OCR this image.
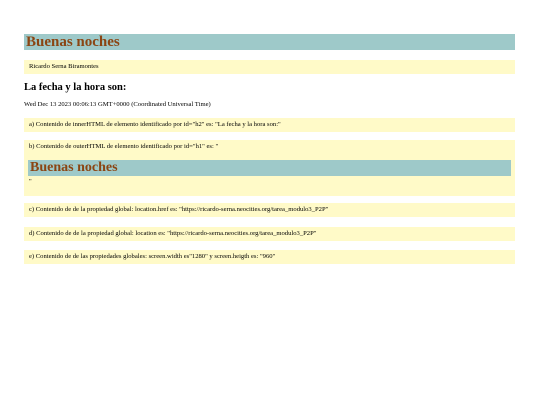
Buenas noches
Ricardo Serna Biramontes
La fecha y la hora son:
Wed Dec 13 2023 00:06:13 GMT+0000 (Coordinated Universal Time)
a) Contenido de innerHTML de elemento identificado por id="h2" es: "La fecha y la hora son:"
b) Contenido de outerHTML de elemento identificado por id="h1" es: "
Buenas noches
"
c) Contenido de de la propiedad global: location.href es: "https://ricardo-serna.neocities.org/tarea_modulo3_P2P"
d) Contenido de de la propiedad global: location es: "https://ricardo-serna.neocities.org/tarea_modulo3_P2P"
e) Contenido de de las propiedades globales: screen.width es"1280" y screen.heigth es: "960"
